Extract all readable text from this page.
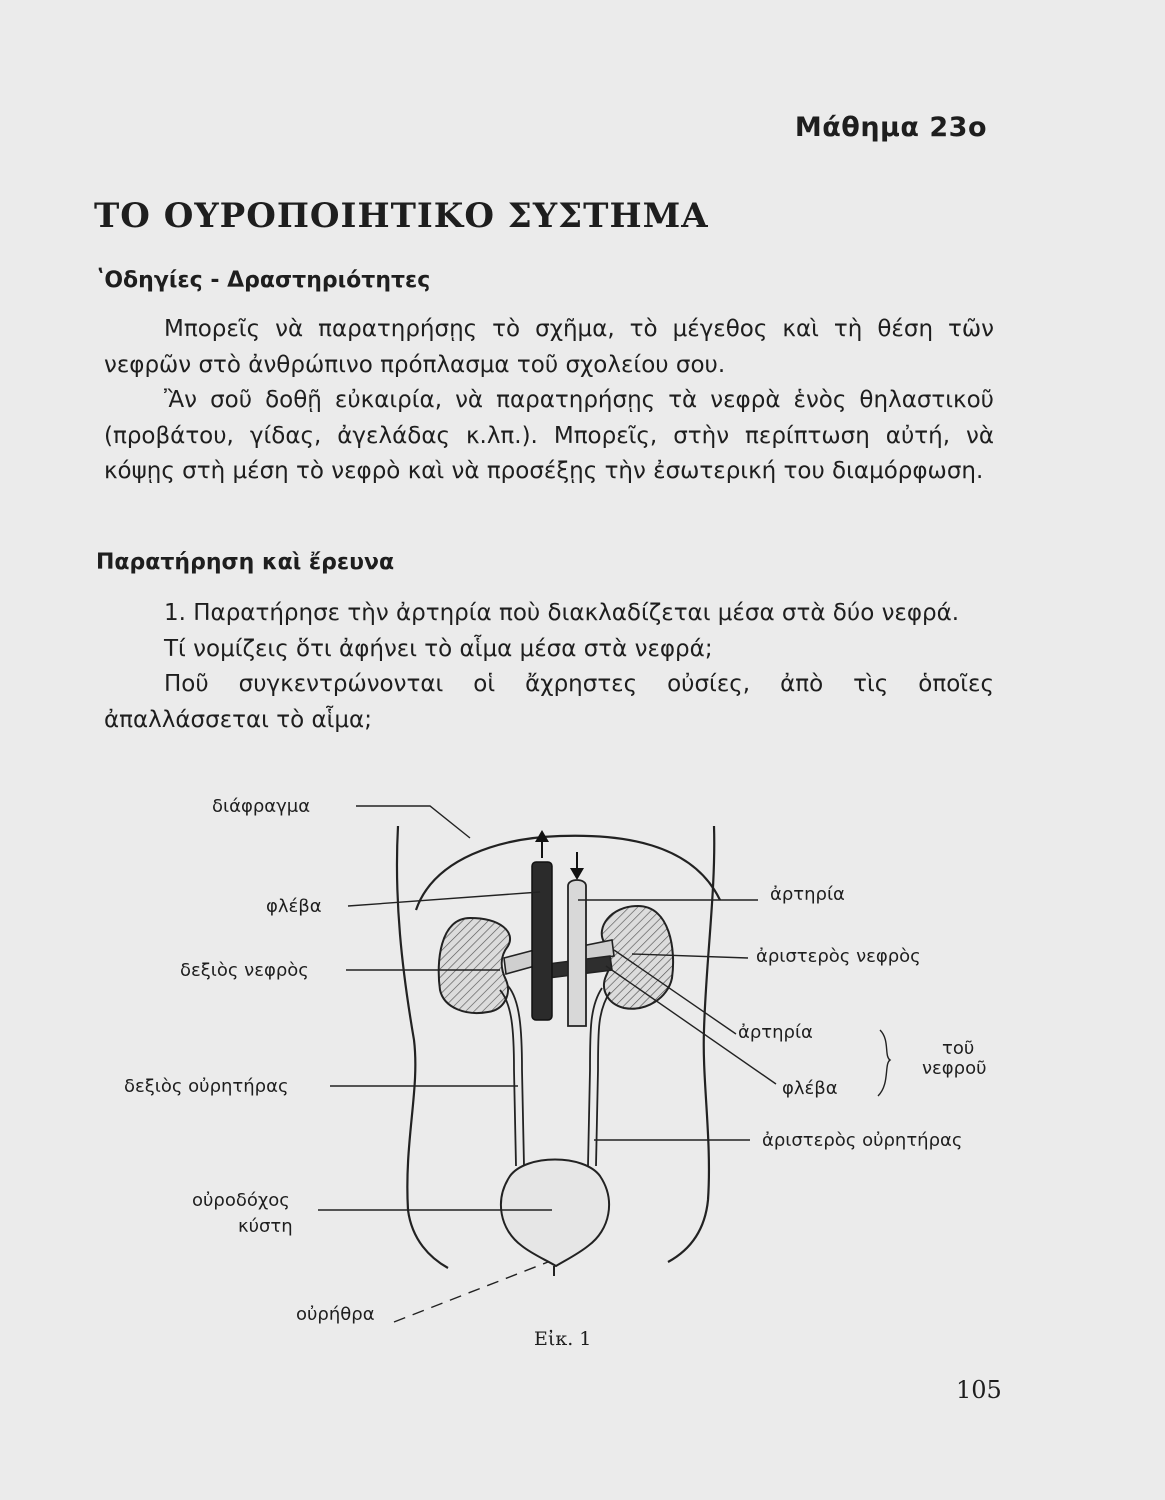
Μάθημα 23ο
ΤΟ ΟΥΡΟΠΟΙΗΤΙΚΟ ΣΥΣΤΗΜΑ
ʽΟδηγίες - Δραστηριότητες

Μπορεῖς νὰ παρατηρήσῃς τὸ σχῆμα, τὸ μέγεθος καὶ τὴ θέση τῶν νεφρῶν στὸ ἀνθρώπινο πρόπλασμα τοῦ σχολείου σου.

Ἂν σοῦ δοθῇ εὐκαιρία, νὰ παρατηρήσῃς τὰ νεφρὰ ἑνὸς θηλαστικοῦ (προβάτου, γίδας, ἀγελάδας κ.λπ.). Μπορεῖς, στὴν περίπτωση αὐτή, νὰ κόψῃς στὴ μέση τὸ νεφρὸ καὶ νὰ προσέξῃς τὴν ἐσωτερική του διαμόρφωση.

Παρατήρηση καὶ ἔρευνα

1. Παρατήρησε τὴν ἀρτηρία ποὺ διακλαδίζεται μέσα στὰ δύο νεφρά.

Τί νομίζεις ὅτι ἀφήνει τὸ αἷμα μέσα στὰ νεφρά;

Ποῦ συγκεντρώνονται οἱ ἄχρηστες οὐσίες, ἀπὸ τὶς ὁποῖες ἀπαλλάσσεται τὸ αἷμα;

διάφραγμα
φλέβα
δεξιὸς νεφρὸς
δεξιὸς οὐρητήρας
οὐροδόχος
κύστη
οὐρήθρα
ἀρτηρία
ἀριστερὸς νεφρὸς
ἀρτηρία
φλέβα
τοῦ
νεφροῦ
ἀριστερὸς οὐρητήρας
Εἰκ. 1
105
